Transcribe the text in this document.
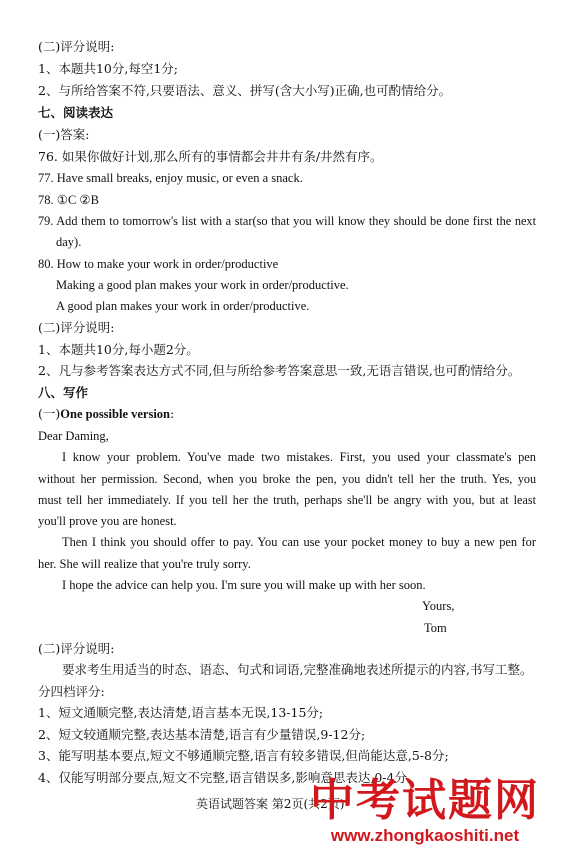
(二)评分说明:
1、本题共10分,每空1分;
2、与所给答案不符,只要语法、意义、拼写(含大小写)正确,也可酌情给分。
七、阅读表达
(一)答案:
76. 如果你做好计划,那么所有的事情都会井井有条/井然有序。
77. Have small breaks, enjoy music, or even a snack.
78. ①C ②B
79. Add them to tomorrow's list with a star(so that you will know they should be done first the next
day).
80. How to make your work in order/productive
Making a good plan makes your work in order/productive.
A good plan makes your work in order/productive.
(二)评分说明:
1、本题共10分,每小题2分。
2、凡与参考答案表达方式不同,但与所给参考答案意思一致,无语言错误,也可酌情给分。
八、写作
(一)One possible version:
Dear Daming,
I know your problem. You've made two mistakes. First, you used your classmate's pen
without her permission. Second, when you broke the pen, you didn't tell her the truth. Yes, you
must tell her immediately. If you tell her the truth, perhaps she'll be angry with you, but at least
you'll prove you are honest.
Then I think you should offer to pay. You can use your pocket money to buy a new pen for
her. She will realize that you're truly sorry.
I hope the advice can help you. I'm sure you will make up with her soon.
Yours,
Tom
(二)评分说明:
要求考生用适当的时态、语态、句式和词语,完整准确地表述所提示的内容,书写工整。
分四档评分:
1、短文通顺完整,表达清楚,语言基本无误,13-15分;
2、短文较通顺完整,表达基本清楚,语言有少量错误,9-12分;
3、能写明基本要点,短文不够通顺完整,语言有较多错误,但尚能达意,5-8分;
4、仅能写明部分要点,短文不完整,语言错误多,影响意思表达,0-4分。
英语试题答案 第2页(共2页)
中考试题网
www.zhongkaoshiti.net
